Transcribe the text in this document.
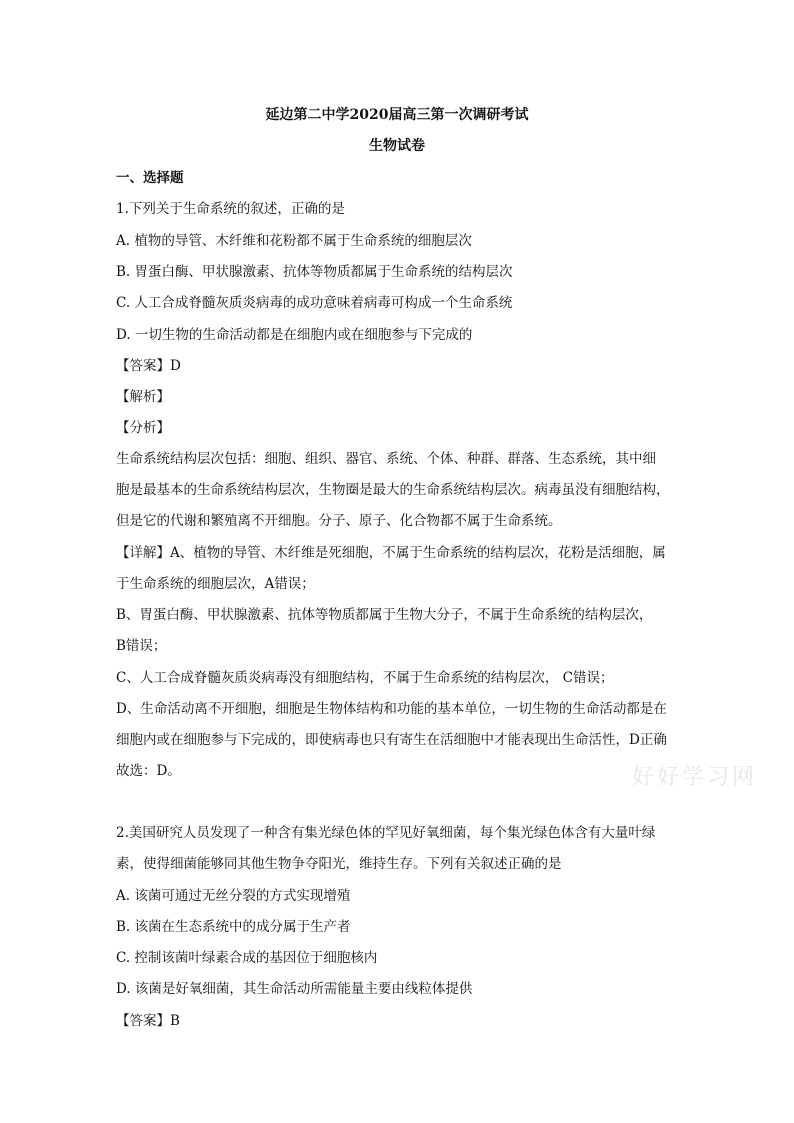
延边第二中学2020届高三第一次调研考试
生物试卷
一、选择题
1.下列关于生命系统的叙述，正确的是
A. 植物的导管、木纤维和花粉都不属于生命系统的细胞层次
B. 胃蛋白酶、甲状腺激素、抗体等物质都属于生命系统的结构层次
C. 人工合成脊髓灰质炎病毒的成功意味着病毒可构成一个生命系统
D. 一切生物的生命活动都是在细胞内或在细胞参与下完成的
【答案】D
【解析】
【分析】
生命系统结构层次包括：细胞、组织、器官、系统、个体、种群、群落、生态系统，其中细
胞是最基本的生命系统结构层次，生物圈是最大的生命系统结构层次。病毒虽没有细胞结构，
但是它的代谢和繁殖离不开细胞。分子、原子、化合物都不属于生命系统。
【详解】A、植物的导管、木纤维是死细胞，不属于生命系统的结构层次，花粉是活细胞，属
于生命系统的细胞层次，A错误；
B、胃蛋白酶、甲状腺激素、抗体等物质都属于生物大分子，不属于生命系统的结构层次，
B错误；
C、人工合成脊髓灰质炎病毒没有细胞结构，不属于生命系统的结构层次， C错误；
D、生命活动离不开细胞，细胞是生物体结构和功能的基本单位，一切生物的生命活动都是在
细胞内或在细胞参与下完成的，即使病毒也只有寄生在活细胞中才能表现出生命活性，D正确
故选：D。
2.美国研究人员发现了一种含有集光绿色体的罕见好氧细菌，每个集光绿色体含有大量叶绿
素，使得细菌能够同其他生物争夺阳光，维持生存。下列有关叙述正确的是
A. 该菌可通过无丝分裂的方式实现增殖
B. 该菌在生态系统中的成分属于生产者
C. 控制该菌叶绿素合成的基因位于细胞核内
D. 该菌是好氧细菌，其生命活动所需能量主要由线粒体提供
【答案】B
好好学习网
